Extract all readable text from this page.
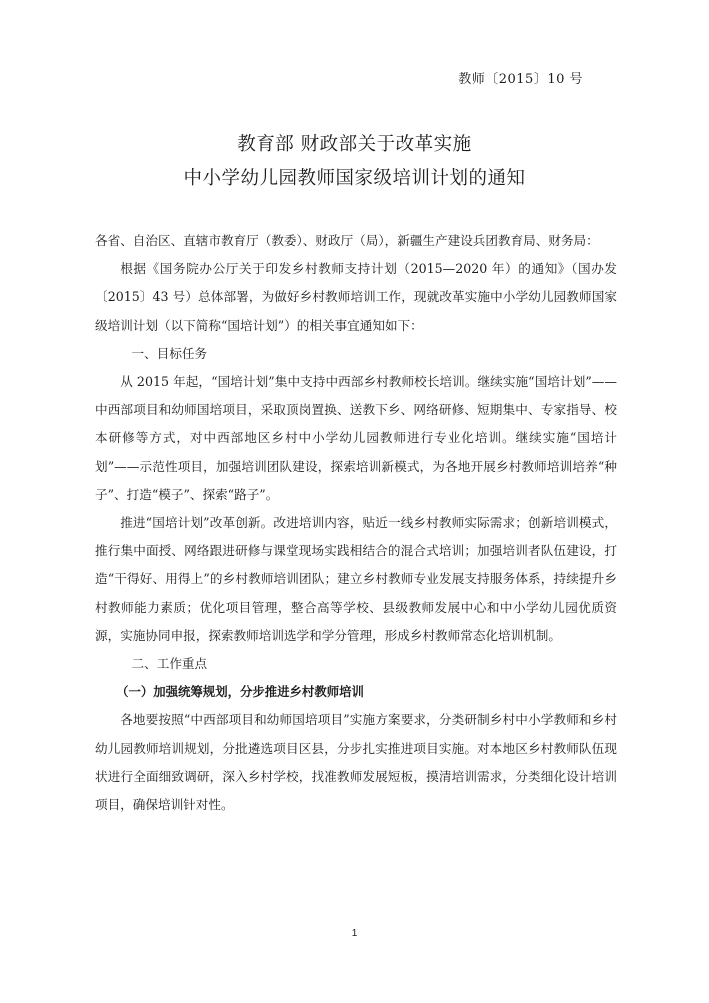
教师〔2015〕10 号
教育部 财政部关于改革实施
中小学幼儿园教师国家级培训计划的通知

各省、自治区、直辖市教育厅（教委）、财政厅（局），新疆生产建设兵团教育局、财务局：

根据《国务院办公厅关于印发乡村教师支持计划（2015—2020 年）的通知》（国办发〔2015〕43 号）总体部署，为做好乡村教师培训工作，现就改革实施中小学幼儿园教师国家级培训计划（以下简称“国培计划”）的相关事宜通知如下：

一、目标任务

从 2015 年起，“国培计划”集中支持中西部乡村教师校长培训。继续实施“国培计划”——中西部项目和幼师国培项目，采取顶岗置换、送教下乡、网络研修、短期集中、专家指导、校本研修等方式，对中西部地区乡村中小学幼儿园教师进行专业化培训。继续实施“国培计划”——示范性项目，加强培训团队建设，探索培训新模式，为各地开展乡村教师培训培养“种子”、打造“模子”、探索“路子”。

推进“国培计划”改革创新。改进培训内容，贴近一线乡村教师实际需求；创新培训模式，推行集中面授、网络跟进研修与课堂现场实践相结合的混合式培训；加强培训者队伍建设，打造“干得好、用得上”的乡村教师培训团队；建立乡村教师专业发展支持服务体系，持续提升乡村教师能力素质；优化项目管理，整合高等学校、县级教师发展中心和中小学幼儿园优质资源，实施协同申报，探索教师培训选学和学分管理，形成乡村教师常态化培训机制。

二、工作重点

（一）加强统筹规划，分步推进乡村教师培训

各地要按照“中西部项目和幼师国培项目”实施方案要求，分类研制乡村中小学教师和乡村幼儿园教师培训规划，分批遴选项目区县，分步扎实推进项目实施。对本地区乡村教师队伍现状进行全面细致调研，深入乡村学校，找准教师发展短板，摸清培训需求，分类细化设计培训项目，确保培训针对性。

1
